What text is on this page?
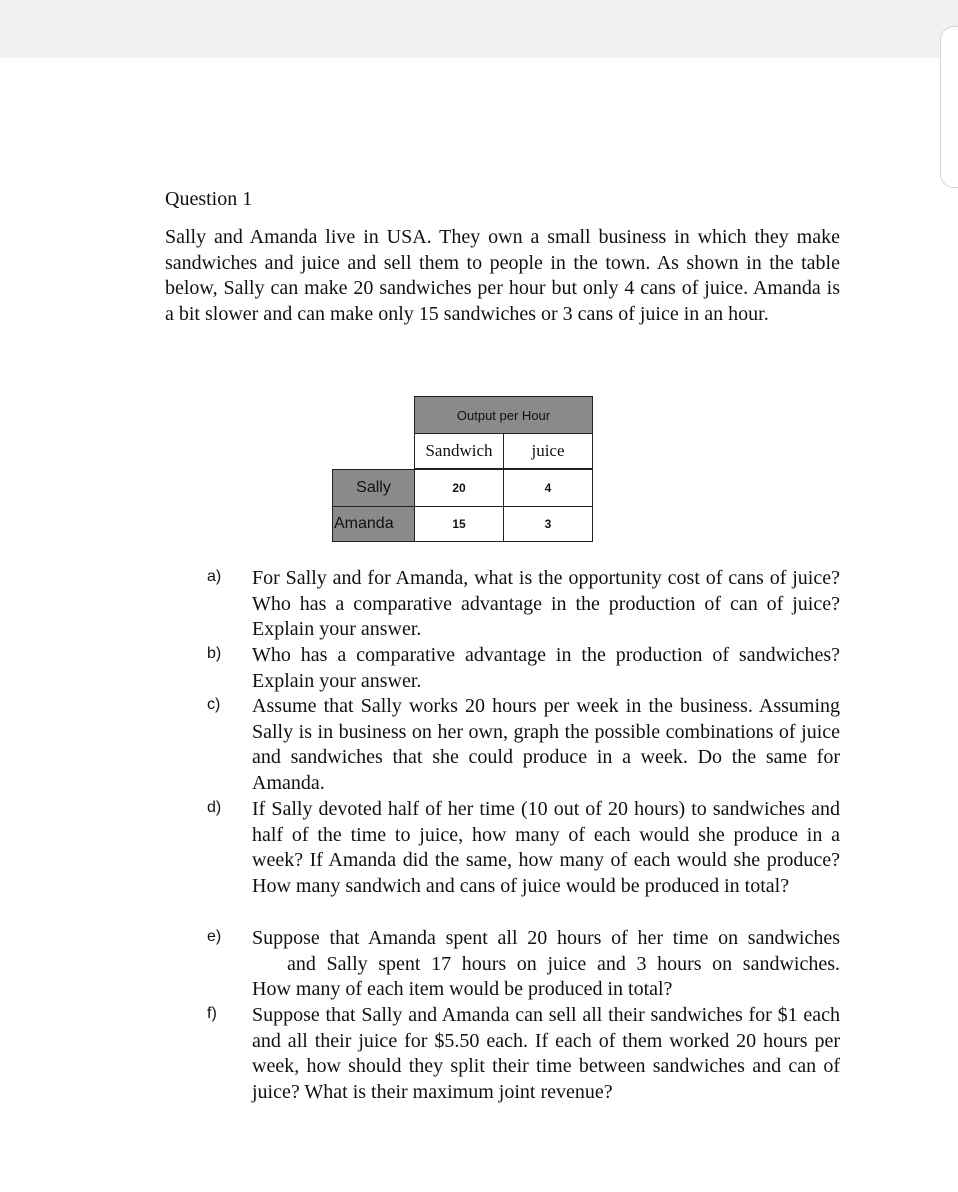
Question 1
Sally and Amanda live in USA. They own a small business in which they make sandwiches and juice and sell them to people in the town. As shown in the table below, Sally can make 20 sandwiches per hour but only 4 cans of juice. Amanda is a bit slower and can make only 15 sandwiches or 3 cans of juice in an hour.
Output per Hour
Sandwich	juice
Sally	20	4
Amanda	15	3
a) For Sally and for Amanda, what is the opportunity cost of cans of juice? Who has a comparative advantage in the production of can of juice? Explain your answer.
b) Who has a comparative advantage in the production of sandwiches? Explain your answer.
c) Assume that Sally works 20 hours per week in the business. Assuming Sally is in business on her own, graph the possible combinations of juice and sandwiches that she could produce in a week. Do the same for Amanda.
d) If Sally devoted half of her time (10 out of 20 hours) to sandwiches and half of the time to juice, how many of each would she produce in a week? If Amanda did the same, how many of each would she produce? How many sandwich and cans of juice would be produced in total?
e) Suppose that Amanda spent all 20 hours of her time on sandwiches
and Sally spent 17 hours on juice and 3 hours on sandwiches.
How many of each item would be produced in total?
f) Suppose that Sally and Amanda can sell all their sandwiches for $1 each and all their juice for $5.50 each. If each of them worked 20 hours per week, how should they split their time between sandwiches and can of juice? What is their maximum joint revenue?
